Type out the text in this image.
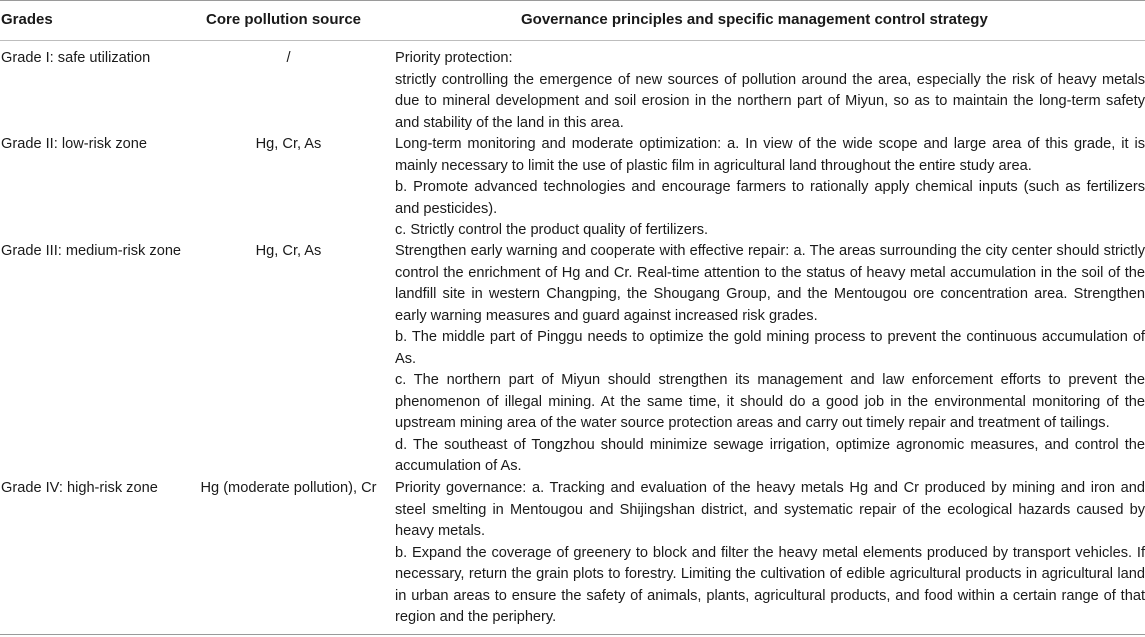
Grades	Core pollution source	Governance principles and specific management control strategy
Grade I: safe utilization	/	Priority protection:

strictly controlling the emergence of new sources of pollution around the area, especially the risk of heavy metals due to mineral development and soil erosion in the northern part of Miyun, so as to maintain the long-term safety and stability of the land in this area.

Grade II: low-risk zone	Hg, Cr, As	Long-term monitoring and moderate optimization: a. In view of the wide scope and large area of this grade, it is mainly necessary to limit the use of plastic film in agricultural land throughout the entire study area.

b. Promote advanced technologies and encourage farmers to rationally apply chemical inputs (such as fertilizers and pesticides).

c. Strictly control the product quality of fertilizers.

Grade III: medium-risk zone	Hg, Cr, As	Strengthen early warning and cooperate with effective repair: a. The areas surrounding the city center should strictly control the enrichment of Hg and Cr. Real-time attention to the status of heavy metal accumulation in the soil of the landfill site in western Changping, the Shougang Group, and the Mentougou ore concentration area. Strengthen early warning measures and guard against increased risk grades.

b. The middle part of Pinggu needs to optimize the gold mining process to prevent the continuous accumulation of As.

c. The northern part of Miyun should strengthen its management and law enforcement efforts to prevent the phenomenon of illegal mining. At the same time, it should do a good job in the environmental monitoring of the upstream mining area of the water source protection areas and carry out timely repair and treatment of tailings.

d. The southeast of Tongzhou should minimize sewage irrigation, optimize agronomic measures, and control the accumulation of As.

Grade IV: high-risk zone	Hg (moderate pollution), Cr	Priority governance: a. Tracking and evaluation of the heavy metals Hg and Cr produced by mining and iron and steel smelting in Mentougou and Shijingshan district, and systematic repair of the ecological hazards caused by heavy metals.

b. Expand the coverage of greenery to block and filter the heavy metal elements produced by transport vehicles. If necessary, return the grain plots to forestry. Limiting the cultivation of edible agricultural products in agricultural land in urban areas to ensure the safety of animals, plants, agricultural products, and food within a certain range of that region and the periphery.
